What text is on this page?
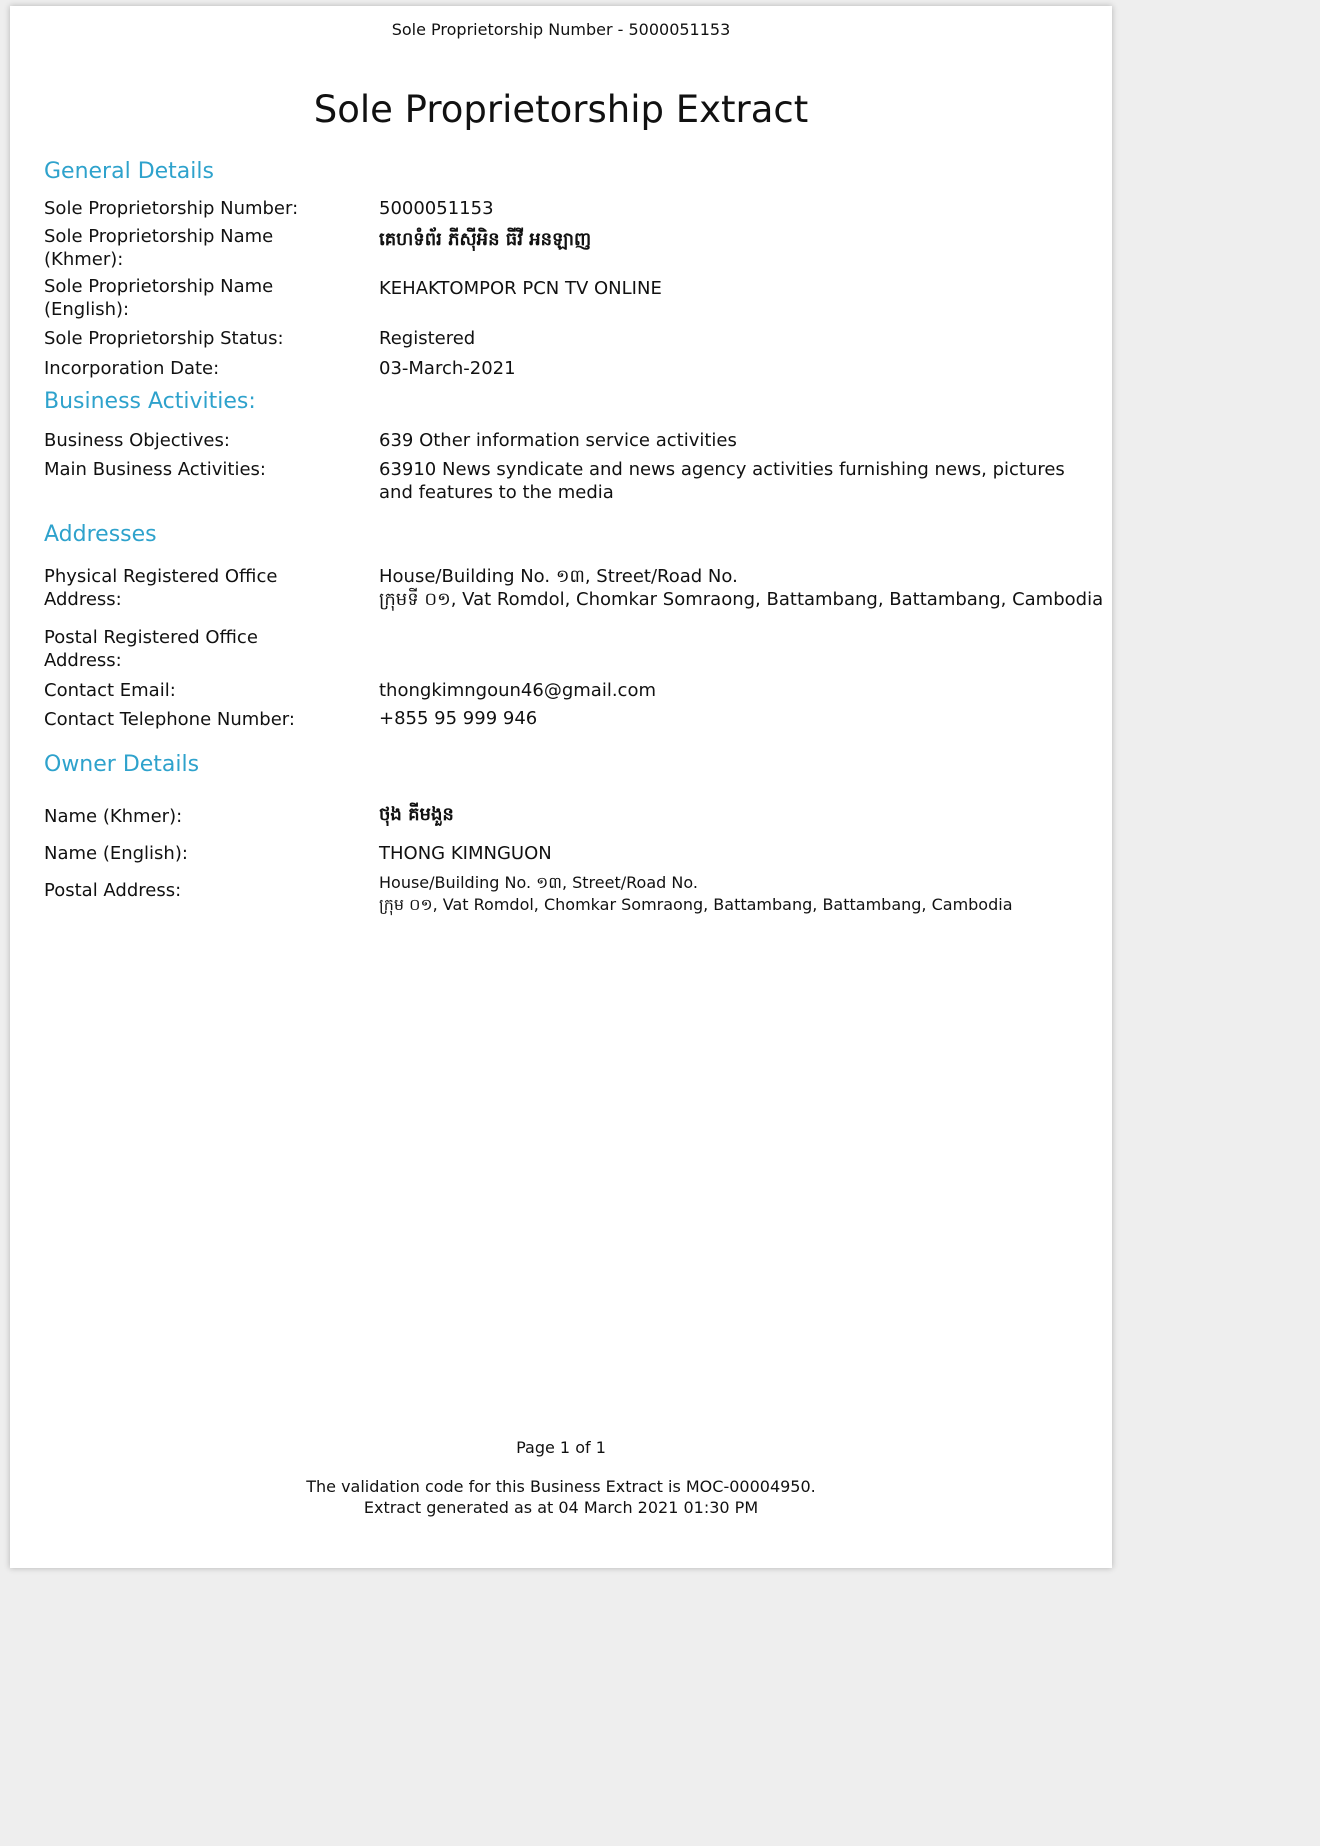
Sole Proprietorship Number - 5000051153
Sole Proprietorship Extract
General Details
Sole Proprietorship Number:	5000051153
Sole Proprietorship Name (Khmer):
គេហទំព័រ ភីស៊ីអិន ធីវី អនឡាញ
Sole Proprietorship Name (English):
KEHAKTOMPOR PCN TV ONLINE
Sole Proprietorship Status:	Registered
Incorporation Date:	03-March-2021
Business Activities:
Business Objectives:	639 Other information service activities
Main Business Activities:	63910 News syndicate and news agency activities furnishing news, pictures and features to the media
Addresses
Physical Registered Office Address:
House/Building No. ១៣, Street/Road No.
ក្រុមទី ០១, Vat Romdol, Chomkar Somraong, Battambang, Battambang, Cambodia
Postal Registered Office Address:
Contact Email:	thongkimngoun46@gmail.com
Contact Telephone Number:	+855 95 999 946
Owner Details
Name (Khmer):	ថុង គីមងួន
Name (English):	THONG KIMNGUON
Postal Address:	House/Building No. ១៣, Street/Road No.
ក្រុម ០១, Vat Romdol, Chomkar Somraong, Battambang, Battambang, Cambodia
Page 1 of 1
The validation code for this Business Extract is MOC-00004950.
Extract generated as at 04 March 2021 01:30 PM
